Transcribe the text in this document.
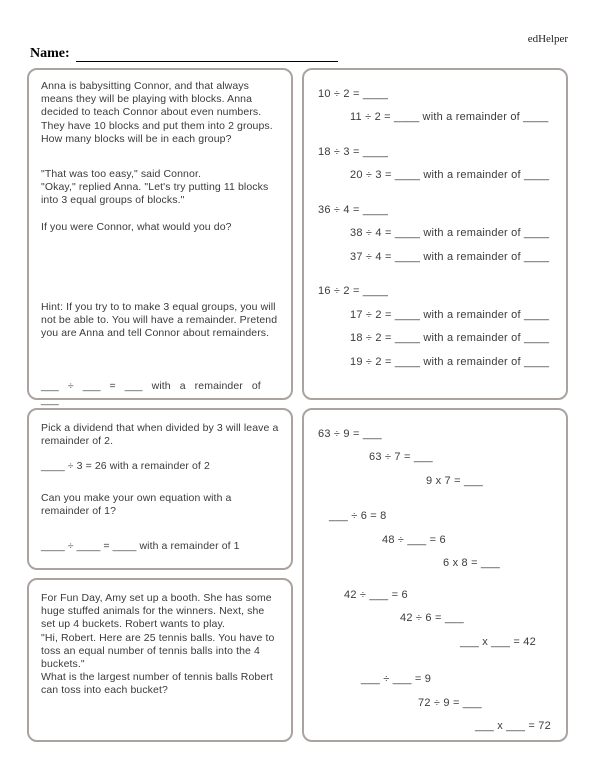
edHelper
Name:

Anna is babysitting Connor, and that always means they will be playing with blocks. Anna decided to teach Connor about even numbers. They have 10 blocks and put them into 2 groups. How many blocks will be in each group?

"That was too easy," said Connor.

"Okay," replied Anna. "Let's try putting 11 blocks into 3 equal groups of blocks."

If you were Connor, what would you do?

Hint: If you try to to make 3 equal groups, you will not be able to. You will have a remainder. Pretend you are Anna and tell Connor about remainders.

___ ÷ ___ = ___ with a remainder of ___

10 ÷ 2 = ____
11 ÷ 2 = ____ with a remainder of ____
18 ÷ 3 = ____
20 ÷ 3 = ____ with a remainder of ____
36 ÷ 4 = ____
38 ÷ 4 = ____ with a remainder of ____
37 ÷ 4 = ____ with a remainder of ____
16 ÷ 2 = ____
17 ÷ 2 = ____ with a remainder of ____
18 ÷ 2 = ____ with a remainder of ____
19 ÷ 2 = ____ with a remainder of ____

Pick a dividend that when divided by 3 will leave a remainder of 2.

____ ÷ 3 = 26 with a remainder of 2

Can you make your own equation with a remainder of 1?

____ ÷ ____ = ____ with a remainder of 1

For Fun Day, Amy set up a booth. She has some huge stuffed animals for the winners. Next, she set up 4 buckets. Robert wants to play.

"Hi, Robert. Here are 25 tennis balls. You have to toss an equal number of tennis balls into the 4 buckets."

What is the largest number of tennis balls Robert can toss into each bucket?

63 ÷ 9 = ___
63 ÷ 7 = ___
9 x 7 = ___
___ ÷ 6 = 8
48 ÷ ___ = 6
6 x 8 = ___
42 ÷ ___ = 6
42 ÷ 6 = ___
___ x ___ = 42
___ ÷ ___ = 9
72 ÷ 9 = ___
___ x ___ = 72
